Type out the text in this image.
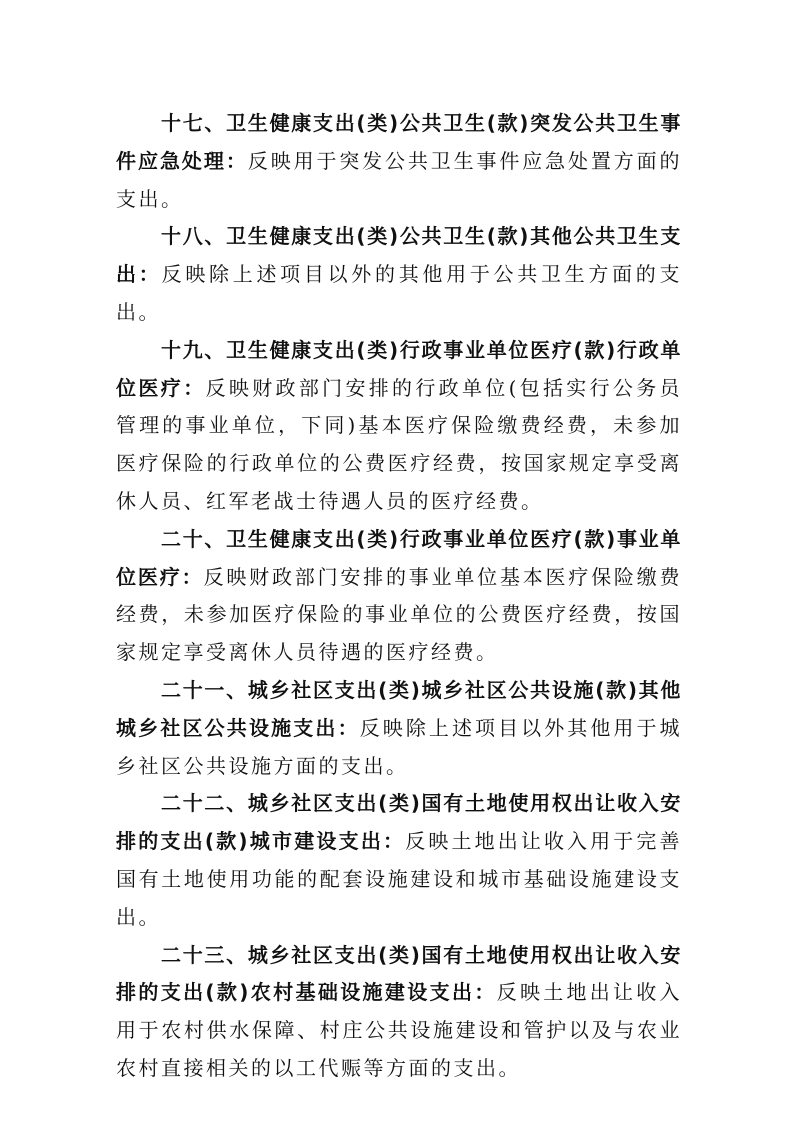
十七、卫生健康支出(类)公共卫生(款)突发公共卫生事件应急处理：反映用于突发公共卫生事件应急处置方面的支出。

十八、卫生健康支出(类)公共卫生(款)其他公共卫生支出：反映除上述项目以外的其他用于公共卫生方面的支出。

十九、卫生健康支出(类)行政事业单位医疗(款)行政单位医疗：反映财政部门安排的行政单位(包括实行公务员管理的事业单位，下同)基本医疗保险缴费经费，未参加医疗保险的行政单位的公费医疗经费，按国家规定享受离休人员、红军老战士待遇人员的医疗经费。

二十、卫生健康支出(类)行政事业单位医疗(款)事业单位医疗：反映财政部门安排的事业单位基本医疗保险缴费经费，未参加医疗保险的事业单位的公费医疗经费，按国家规定享受离休人员待遇的医疗经费。

二十一、城乡社区支出(类)城乡社区公共设施(款)其他城乡社区公共设施支出：反映除上述项目以外其他用于城乡社区公共设施方面的支出。

二十二、城乡社区支出(类)国有土地使用权出让收入安排的支出(款)城市建设支出：反映土地出让收入用于完善国有土地使用功能的配套设施建设和城市基础设施建设支出。

二十三、城乡社区支出(类)国有土地使用权出让收入安排的支出(款)农村基础设施建设支出：反映土地出让收入用于农村供水保障、村庄公共设施建设和管护以及与农业农村直接相关的以工代赈等方面的支出。
